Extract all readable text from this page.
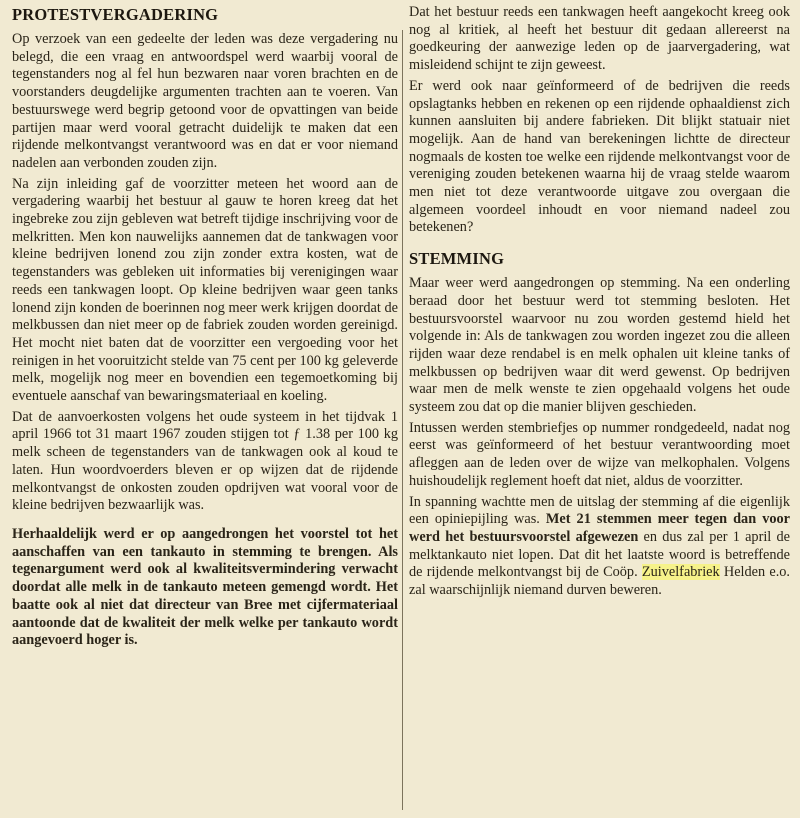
PROTESTVERGADERING

Op verzoek van een gedeelte der leden was deze vergadering nu belegd, die een vraag en antwoordspel werd waarbij vooral de tegenstanders nog al fel hun bezwaren naar voren brachten en de voorstanders deugdelijke argumenten trachten aan te voeren. Van bestuurswege werd begrip getoond voor de opvattingen van beide partijen maar werd vooral getracht duidelijk te maken dat een rijdende melkontvangst verantwoord was en dat er voor niemand nadelen aan verbonden zouden zijn.

Na zijn inleiding gaf de voorzitter meteen het woord aan de vergadering waarbij het bestuur al gauw te horen kreeg dat het ingebreke zou zijn gebleven wat betreft tijdige inschrijving voor de melkritten. Men kon nauwelijks aannemen dat de tankwagen voor kleine bedrijven lonend zou zijn zonder extra kosten, wat de tegenstanders was gebleken uit informaties bij verenigingen waar reeds een tankwagen loopt. Op kleine bedrijven waar geen tanks lonend zijn konden de boerinnen nog meer werk krijgen doordat de melkbussen dan niet meer op de fabriek zouden worden gereinigd. Het mocht niet baten dat de voorzitter een vergoeding voor het reinigen in het vooruitzicht stelde van 75 cent per 100 kg geleverde melk, mogelijk nog meer en bovendien een tegemoetkoming bij eventuele aanschaf van bewaringsmateriaal en koeling.

Dat de aanvoerkosten volgens het oude systeem in het tijdvak 1 april 1966 tot 31 maart 1967 zouden stijgen tot ƒ 1.38 per 100 kg melk scheen de tegenstanders van de tankwagen ook al koud te laten. Hun woordvoerders bleven er op wijzen dat de rijdende melkontvangst de onkosten zouden opdrijven wat vooral voor de kleine bedrijven bezwaarlijk was.

Herhaaldelijk werd er op aangedrongen het voorstel tot het aanschaffen van een tankauto in stemming te brengen. Als tegenargument werd ook al kwaliteitsvermindering verwacht doordat alle melk in de tankauto meteen gemengd wordt. Het baatte ook al niet dat directeur van Bree met cijfermateriaal aantoonde dat de kwaliteit der melk welke per tankauto wordt aangevoerd hoger is.

Dat het bestuur reeds een tankwagen heeft aangekocht kreeg ook nog al kritiek, al heeft het bestuur dit gedaan allereerst na goedkeuring der aanwezige leden op de jaarvergadering, wat misleidend schijnt te zijn geweest.

Er werd ook naar geïnformeerd of de bedrijven die reeds opslagtanks hebben en rekenen op een rijdende ophaaldienst zich kunnen aansluiten bij andere fabrieken. Dit blijkt statuair niet mogelijk. Aan de hand van berekeningen lichtte de directeur nogmaals de kosten toe welke een rijdende melkontvangst voor de vereniging zouden betekenen waarna hij de vraag stelde waarom men niet tot deze verantwoorde uitgave zou overgaan die algemeen voordeel inhoudt en voor niemand nadeel zou betekenen?

STEMMING

Maar weer werd aangedrongen op stemming. Na een onderling beraad door het bestuur werd tot stemming besloten. Het bestuursvoorstel waarvoor nu zou worden gestemd hield het volgende in: Als de tankwagen zou worden ingezet zou die alleen rijden waar deze rendabel is en melk ophalen uit kleine tanks of melkbussen op bedrijven waar dit werd gewenst. Op bedrijven waar men de melk wenste te zien opgehaald volgens het oude systeem zou dat op die manier blijven geschieden.

Intussen werden stembriefjes op nummer rondgedeeld, nadat nog eerst was geïnformeerd of het bestuur verantwoording moet afleggen aan de leden over de wijze van melkophalen. Volgens huishoudelijk reglement hoeft dat niet, aldus de voorzitter.

In spanning wachtte men de uitslag der stemming af die eigenlijk een opiniepijling was. Met 21 stemmen meer tegen dan voor werd het bestuursvoorstel afgewezen en dus zal per 1 april de melktankauto niet lopen. Dat dit het laatste woord is betreffende de rijdende melkontvangst bij de Coöp. Zuivelfabriek Helden e.o. zal waarschijnlijk niemand durven beweren.
